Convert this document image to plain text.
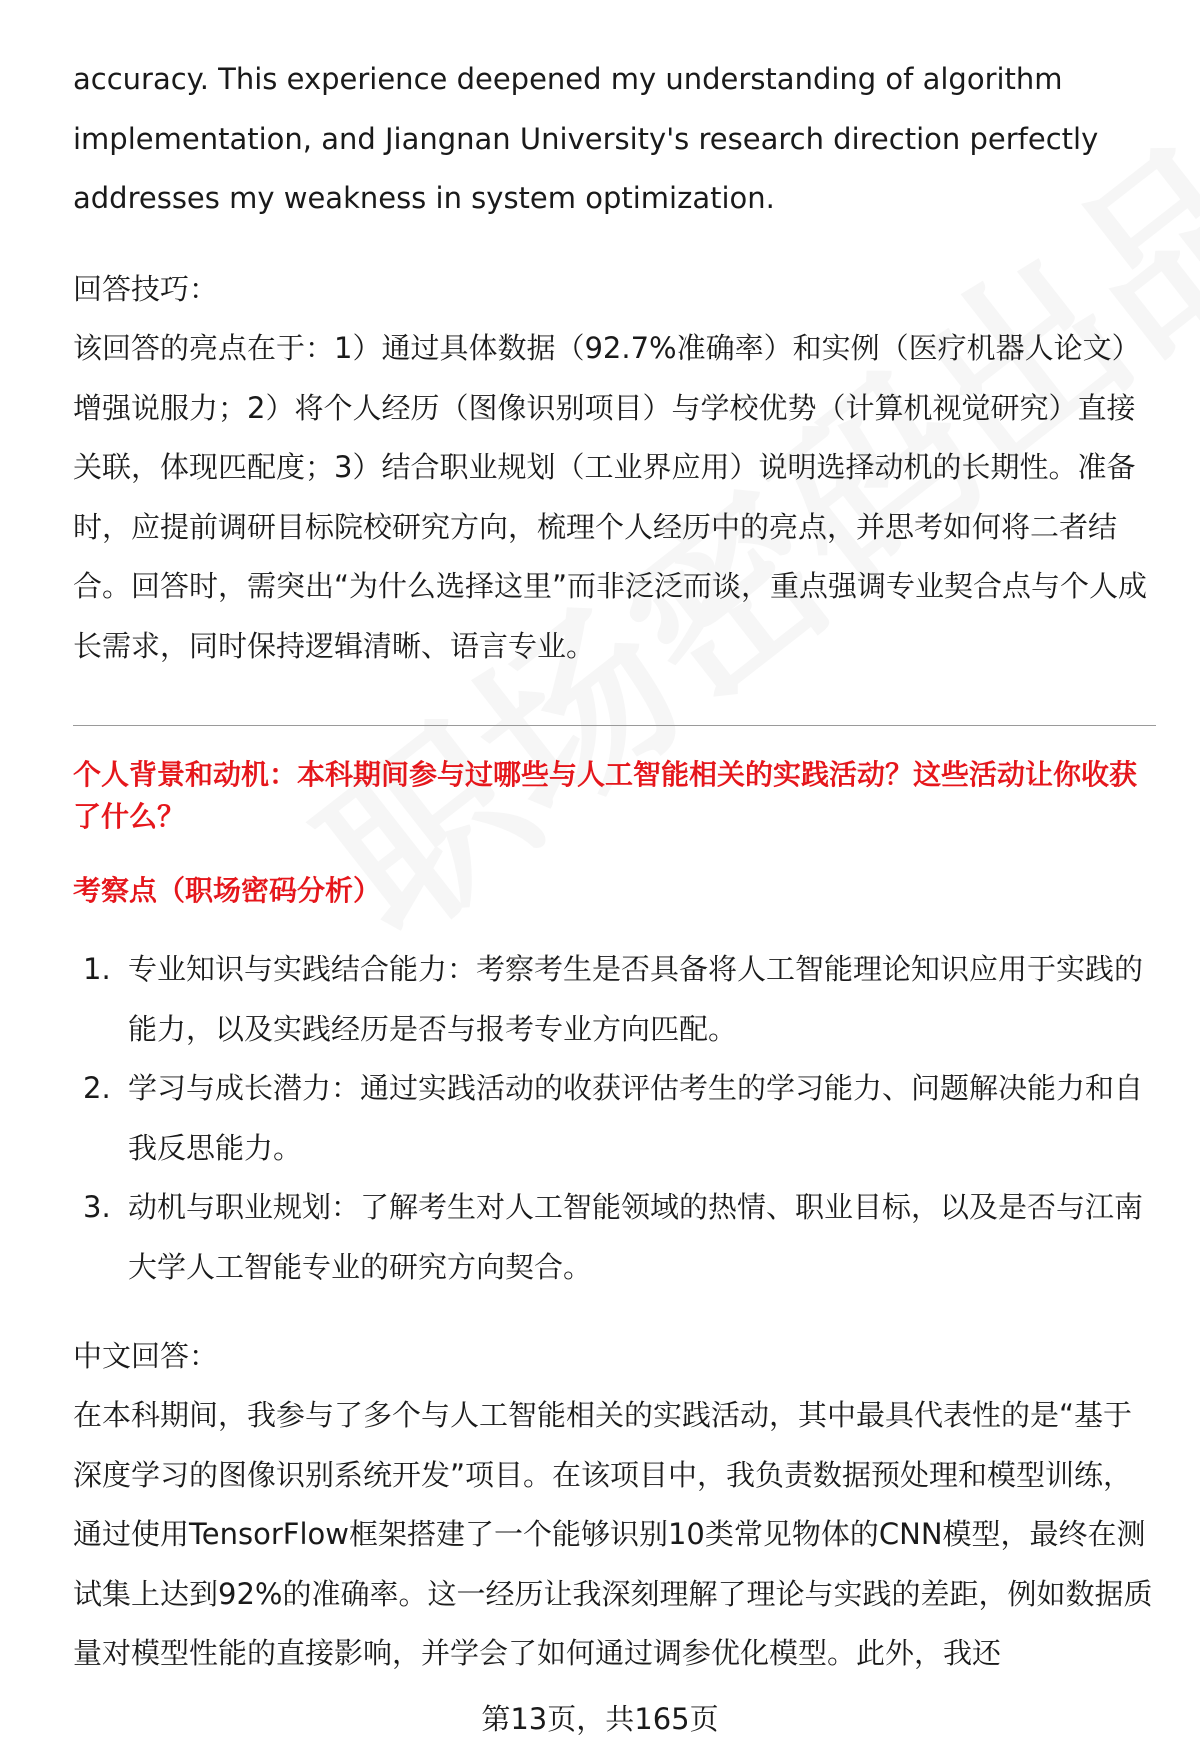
accuracy. This experience deepened my understanding of algorithm implementation, and Jiangnan University's research direction perfectly addresses my weakness in system optimization.

回答技巧：

该回答的亮点在于：1）通过具体数据（92.7%准确率）和实例（医疗机器人论文）增强说服力；2）将个人经历（图像识别项目）与学校优势（计算机视觉研究）直接关联，体现匹配度；3）结合职业规划（工业界应用）说明选择动机的长期性。准备时，应提前调研目标院校研究方向，梳理个人经历中的亮点，并思考如何将二者结合。回答时，需突出“为什么选择这里”而非泛泛而谈，重点强调专业契合点与个人成长需求，同时保持逻辑清晰、语言专业。

个人背景和动机：本科期间参与过哪些与人工智能相关的实践活动？这些活动让你收获了什么？

考察点（职场密码分析）

1. 专业知识与实践结合能力：考察考生是否具备将人工智能理论知识应用于实践的能力，以及实践经历是否与报考专业方向匹配。
2. 学习与成长潜力：通过实践活动的收获评估考生的学习能力、问题解决能力和自我反思能力。
3. 动机与职业规划：了解考生对人工智能领域的热情、职业目标，以及是否与江南大学人工智能专业的研究方向契合。

中文回答：

在本科期间，我参与了多个与人工智能相关的实践活动，其中最具代表性的是“基于深度学习的图像识别系统开发”项目。在该项目中，我负责数据预处理和模型训练，通过使用TensorFlow框架搭建了一个能够识别10类常见物体的CNN模型，最终在测试集上达到92%的准确率。这一经历让我深刻理解了理论与实践的差距，例如数据质量对模型性能的直接影响，并学会了如何通过调参优化模型。此外，我还

第13页，共165页
